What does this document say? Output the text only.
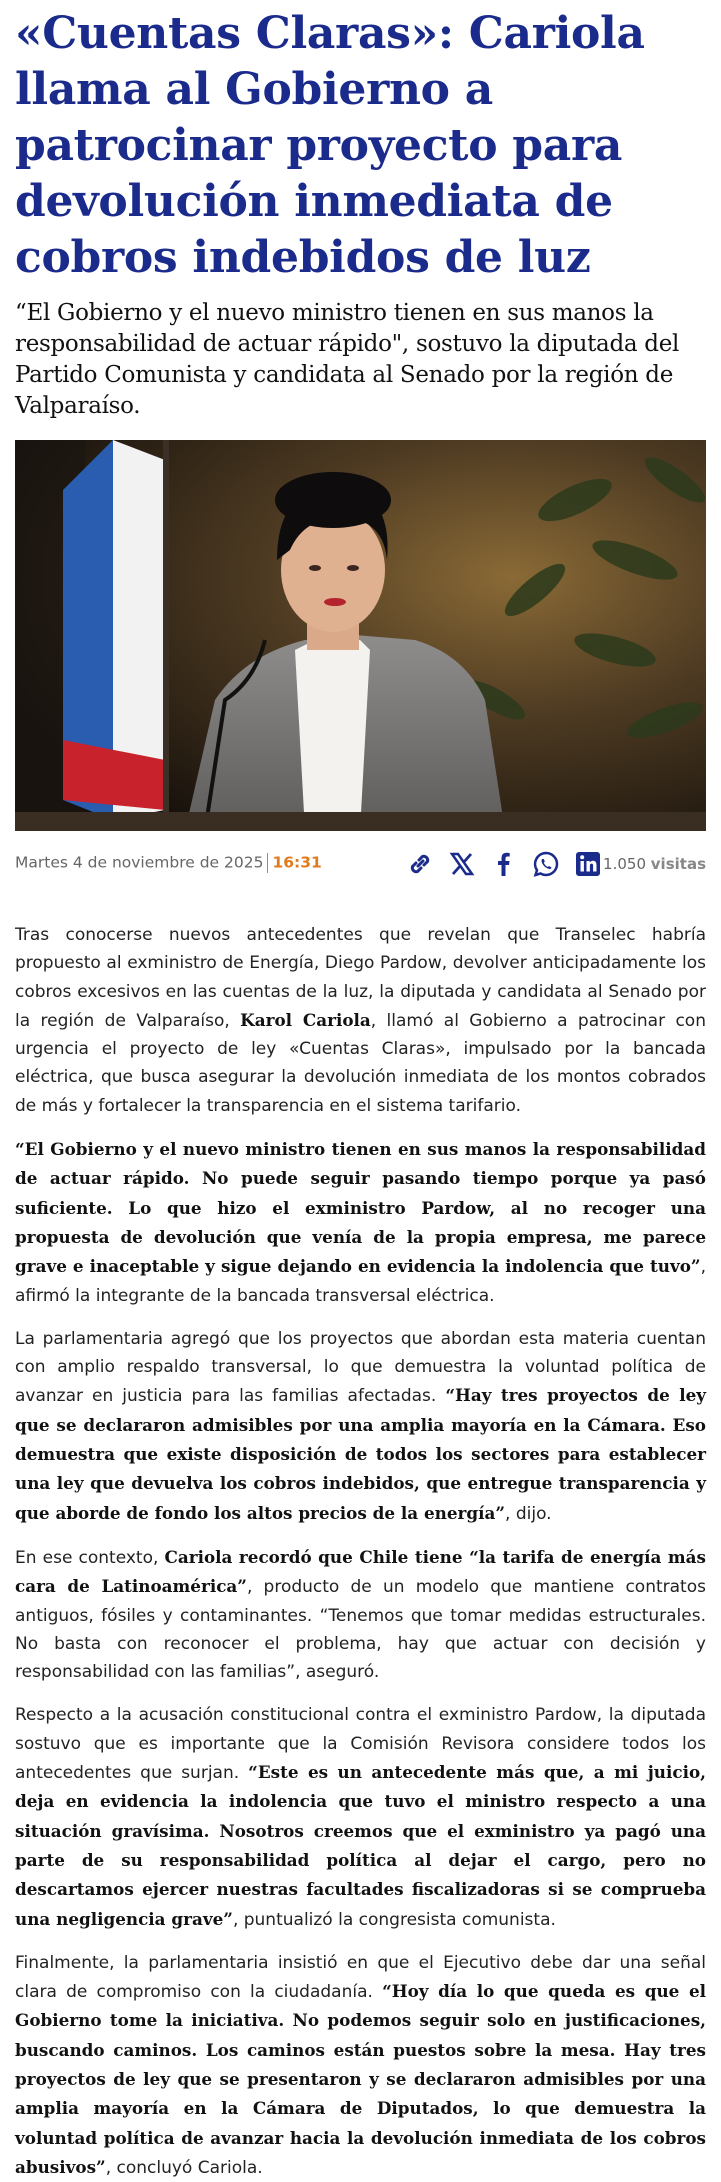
«Cuentas Claras»: Cariola llama al Gobierno a patrocinar proyecto para devolución inmediata de cobros indebidos de luz

“El Gobierno y el nuevo ministro tienen en sus manos la responsabilidad de actuar rápido", sostuvo la diputada del Partido Comunista y candidata al Senado por la región de Valparaíso.

Martes 4 de noviembre de 2025 16:31	1.050 visitas

Tras conocerse nuevos antecedentes que revelan que Transelec habría propuesto al exministro de Energía, Diego Pardow, devolver anticipadamente los cobros excesivos en las cuentas de la luz, la diputada y candidata al Senado por la región de Valparaíso, Karol Cariola, llamó al Gobierno a patrocinar con urgencia el proyecto de ley «Cuentas Claras», impulsado por la bancada eléctrica, que busca asegurar la devolución inmediata de los montos cobrados de más y fortalecer la transparencia en el sistema tarifario.

“El Gobierno y el nuevo ministro tienen en sus manos la responsabilidad de actuar rápido. No puede seguir pasando tiempo porque ya pasó suficiente. Lo que hizo el exministro Pardow, al no recoger una propuesta de devolución que venía de la propia empresa, me parece grave e inaceptable y sigue dejando en evidencia la indolencia que tuvo”, afirmó la integrante de la bancada transversal eléctrica.

La parlamentaria agregó que los proyectos que abordan esta materia cuentan con amplio respaldo transversal, lo que demuestra la voluntad política de avanzar en justicia para las familias afectadas. “Hay tres proyectos de ley que se declararon admisibles por una amplia mayoría en la Cámara. Eso demuestra que existe disposición de todos los sectores para establecer una ley que devuelva los cobros indebidos, que entregue transparencia y que aborde de fondo los altos precios de la energía”, dijo.

En ese contexto, Cariola recordó que Chile tiene “la tarifa de energía más cara de Latinoamérica”, producto de un modelo que mantiene contratos antiguos, fósiles y contaminantes. “Tenemos que tomar medidas estructurales. No basta con reconocer el problema, hay que actuar con decisión y responsabilidad con las familias”, aseguró.

Respecto a la acusación constitucional contra el exministro Pardow, la diputada sostuvo que es importante que la Comisión Revisora considere todos los antecedentes que surjan. “Este es un antecedente más que, a mi juicio, deja en evidencia la indolencia que tuvo el ministro respecto a una situación gravísima. Nosotros creemos que el exministro ya pagó una parte de su responsabilidad política al dejar el cargo, pero no descartamos ejercer nuestras facultades fiscalizadoras si se comprueba una negligencia grave”, puntualizó la congresista comunista.

Finalmente, la parlamentaria insistió en que el Ejecutivo debe dar una señal clara de compromiso con la ciudadanía. “Hoy día lo que queda es que el Gobierno tome la iniciativa. No podemos seguir solo en justificaciones, buscando caminos. Los caminos están puestos sobre la mesa. Hay tres proyectos de ley que se presentaron y se declararon admisibles por una amplia mayoría en la Cámara de Diputados, lo que demuestra la voluntad política de avanzar hacia la devolución inmediata de los cobros abusivos”, concluyó Cariola.
